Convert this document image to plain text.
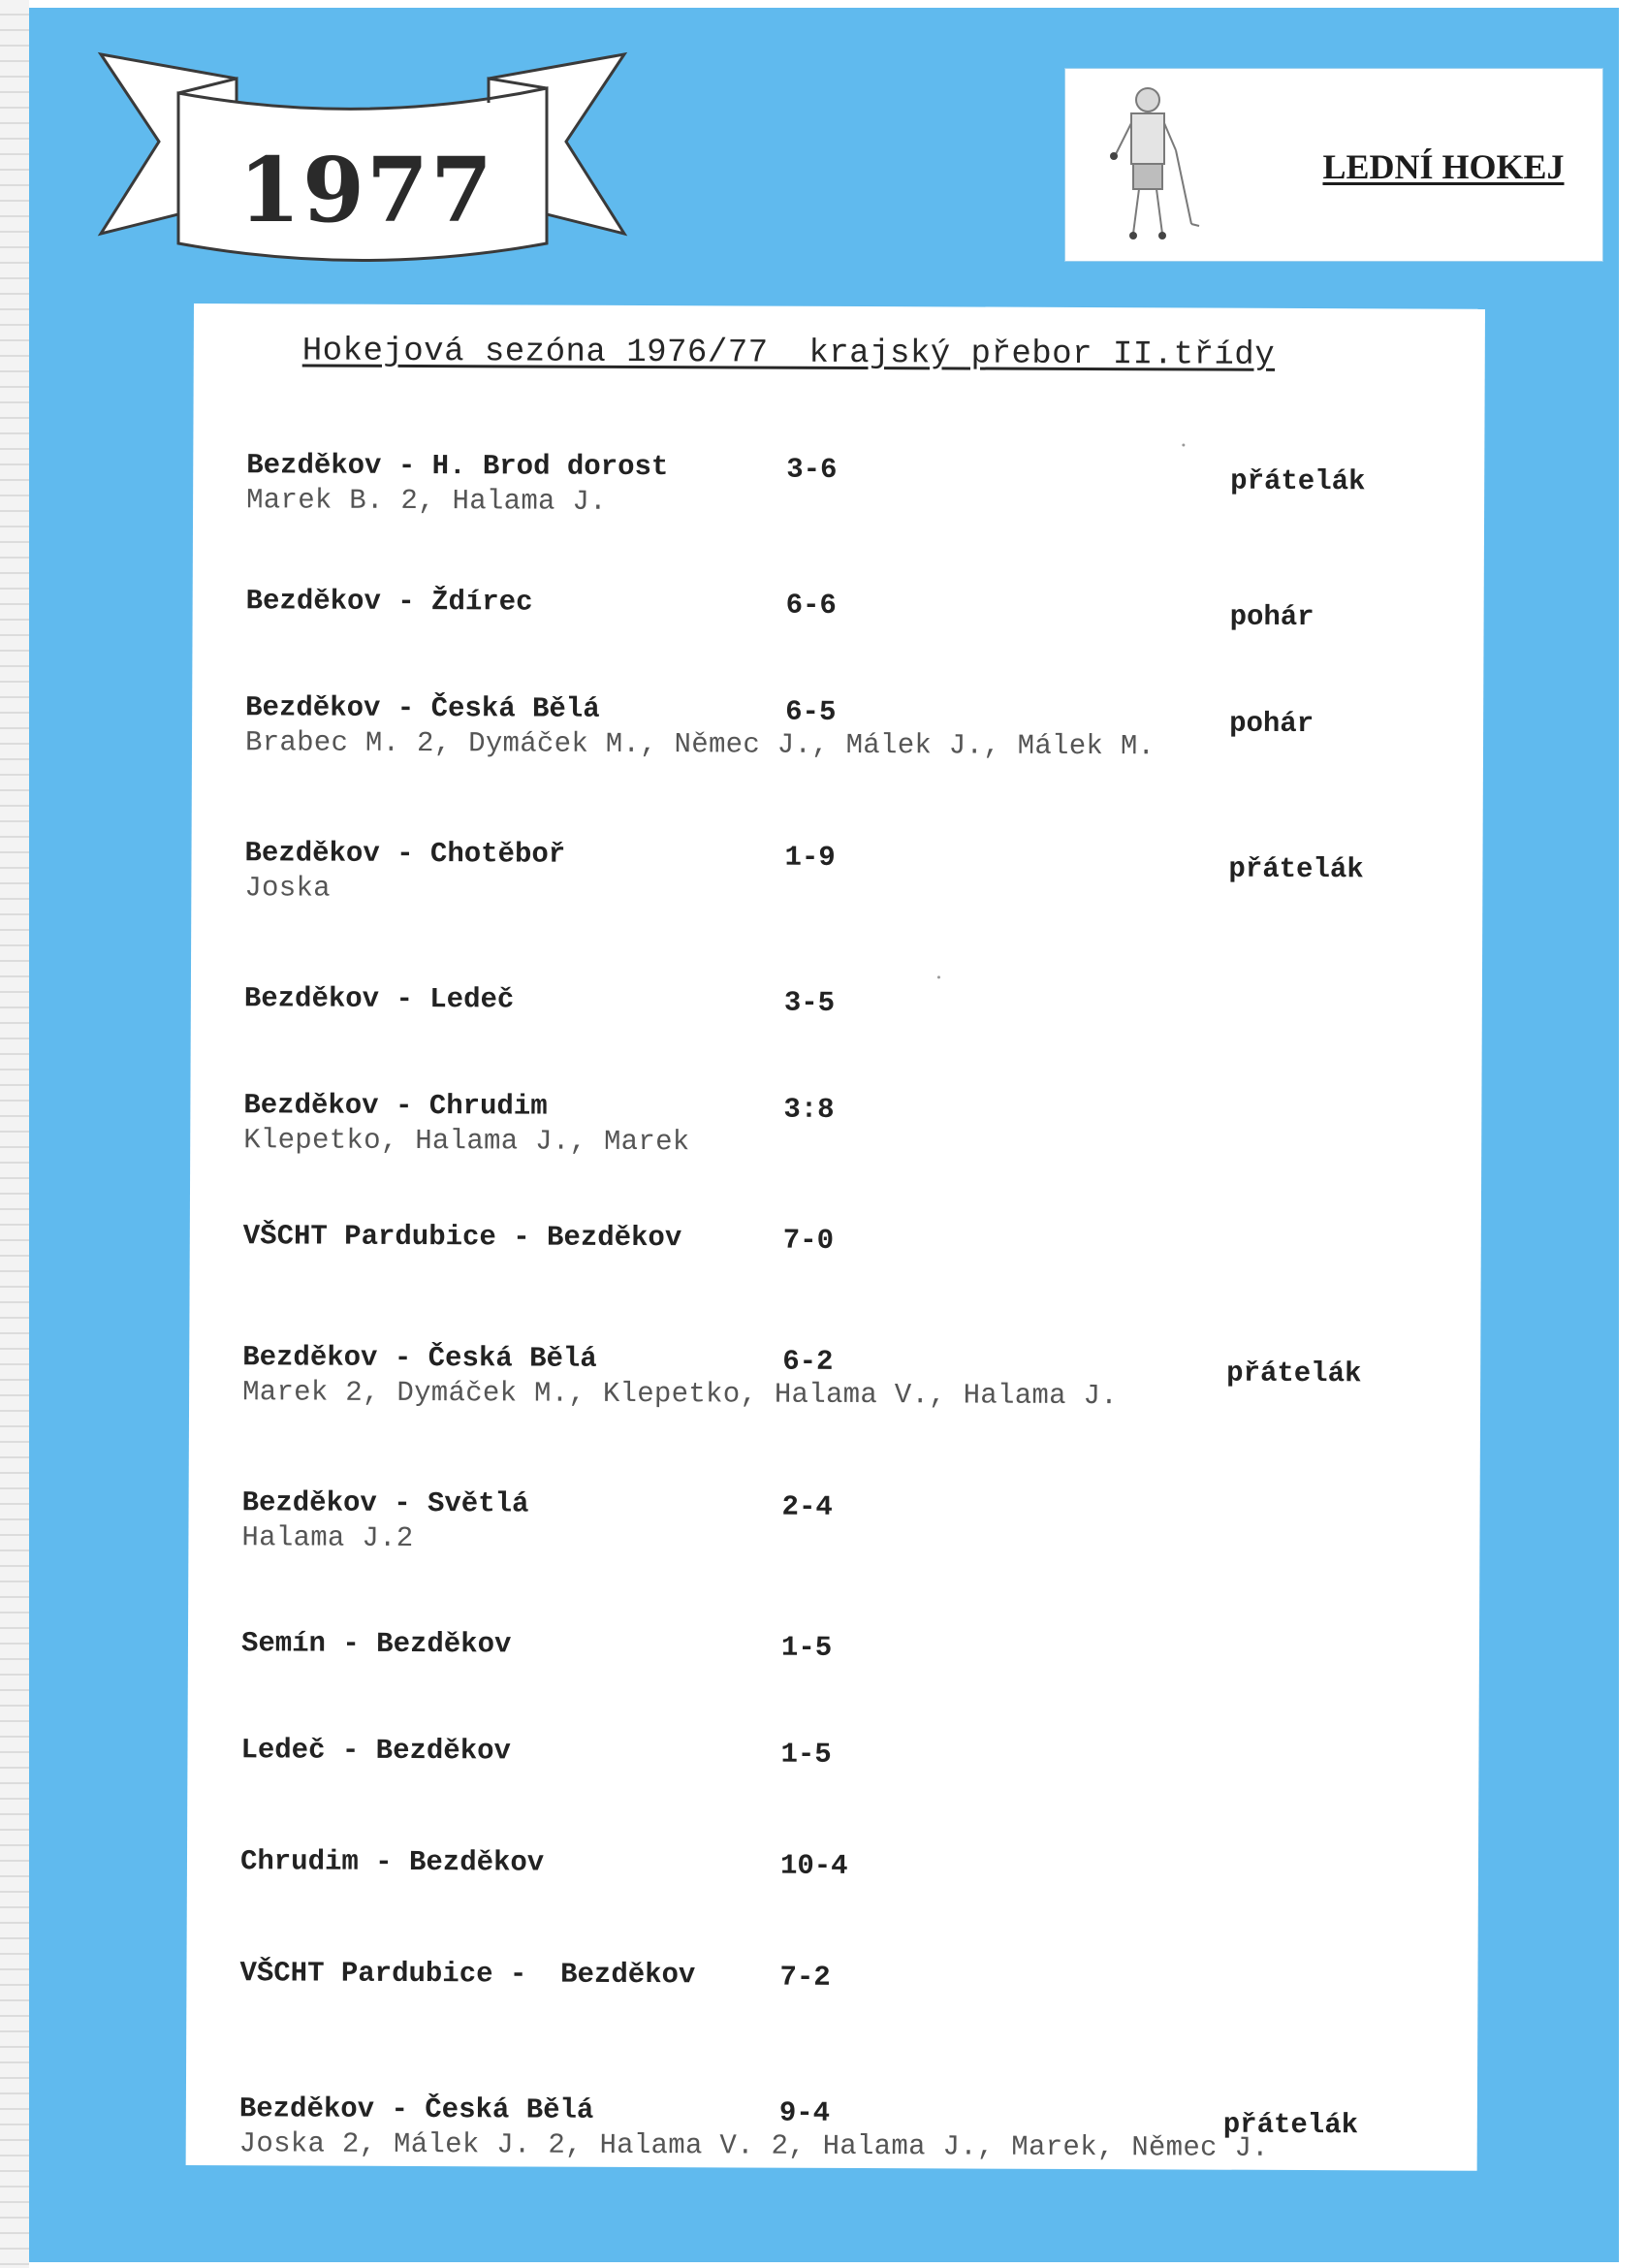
1977	LEDNÍ HOKEJ
Hokejová sezóna 1976/77  krajský přebor II.třídy
Bezděkov - H. Brod dorost	3-6	přátelák
Marek B. 2, Halama J.
Bezděkov - Ždírec	6-6	pohár
Bezděkov - Česká Bělá	6-5	pohár
Brabec M. 2, Dymáček M., Němec J., Málek J., Málek M.
Bezděkov - Chotěboř	1-9	přátelák
Joska
Bezděkov - Ledeč	3-5
Bezděkov - Chrudim	3:8
Klepetko, Halama J., Marek
VŠCHT Pardubice - Bezděkov	7-0
Bezděkov - Česká Bělá	6-2	přátelák
Marek 2, Dymáček M., Klepetko, Halama V., Halama J.
Bezděkov - Světlá	2-4
Halama J.2
Semín - Bezděkov	1-5
Ledeč - Bezděkov	1-5
Chrudim - Bezděkov	10-4
VŠCHT Pardubice -  Bezděkov	7-2
Bezděkov - Česká Bělá	9-4	přátelák
Joska 2, Málek J. 2, Halama V. 2, Halama J., Marek, Němec J.
